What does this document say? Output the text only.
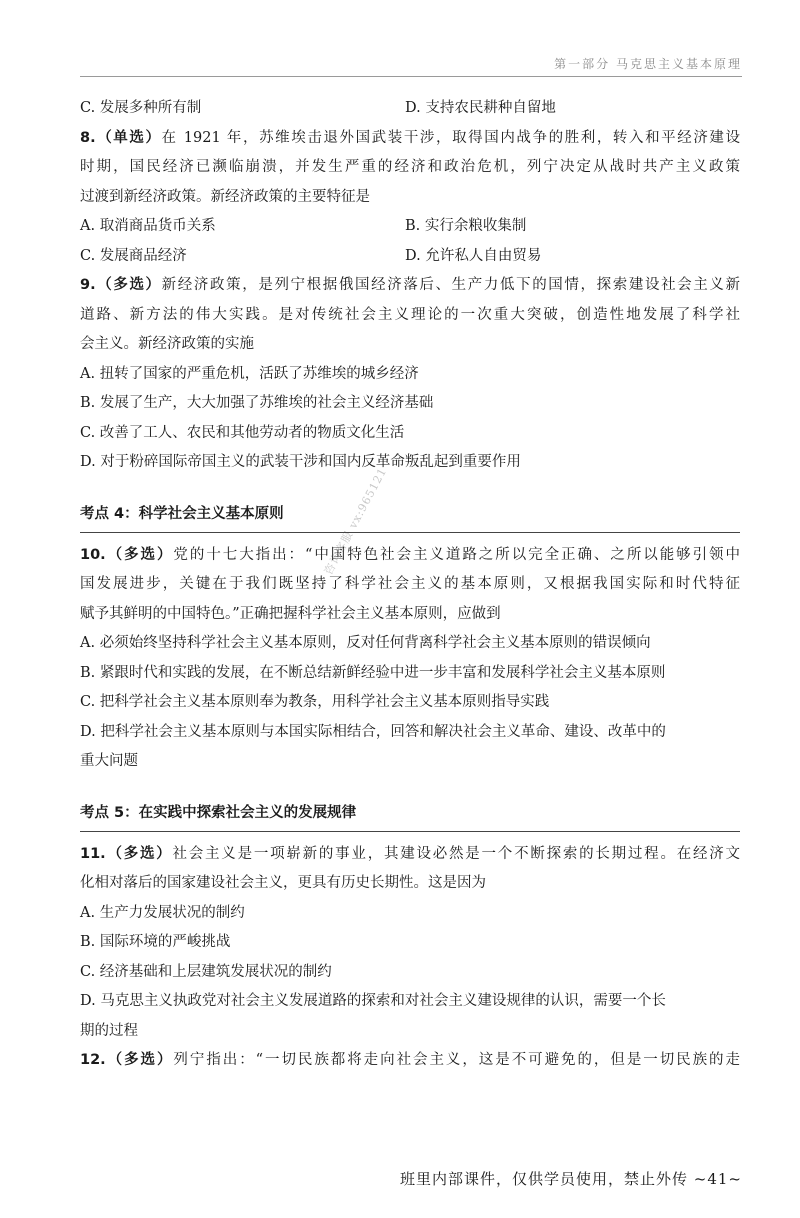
第一部分 马克思主义基本原理
咨询客服 vx:965121
C. 发展多种所有制	D. 支持农民耕种自留地
8.（单选）在 1921 年，苏维埃击退外国武装干涉，取得国内战争的胜利，转入和平经济建设
时期，国民经济已濒临崩溃，并发生严重的经济和政治危机，列宁决定从战时共产主义政策
过渡到新经济政策。新经济政策的主要特征是
A. 取消商品货币关系	B. 实行余粮收集制
C. 发展商品经济	D. 允许私人自由贸易
9.（多选）新经济政策，是列宁根据俄国经济落后、生产力低下的国情，探索建设社会主义新
道路、新方法的伟大实践。是对传统社会主义理论的一次重大突破，创造性地发展了科学社
会主义。新经济政策的实施
A. 扭转了国家的严重危机，活跃了苏维埃的城乡经济
B. 发展了生产，大大加强了苏维埃的社会主义经济基础
C. 改善了工人、农民和其他劳动者的物质文化生活
D. 对于粉碎国际帝国主义的武装干涉和国内反革命叛乱起到重要作用
考点 4：科学社会主义基本原则
10.（多选）党的十七大指出：“中国特色社会主义道路之所以完全正确、之所以能够引领中
国发展进步，关键在于我们既坚持了科学社会主义的基本原则，又根据我国实际和时代特征
赋予其鲜明的中国特色。”正确把握科学社会主义基本原则，应做到
A. 必须始终坚持科学社会主义基本原则，反对任何背离科学社会主义基本原则的错误倾向
B. 紧跟时代和实践的发展，在不断总结新鲜经验中进一步丰富和发展科学社会主义基本原则
C. 把科学社会主义基本原则奉为教条，用科学社会主义基本原则指导实践
D. 把科学社会主义基本原则与本国实际相结合，回答和解决社会主义革命、建设、改革中的
重大问题
考点 5：在实践中探索社会主义的发展规律
11.（多选）社会主义是一项崭新的事业，其建设必然是一个不断探索的长期过程。在经济文
化相对落后的国家建设社会主义，更具有历史长期性。这是因为
A. 生产力发展状况的制约
B. 国际环境的严峻挑战
C. 经济基础和上层建筑发展状况的制约
D. 马克思主义执政党对社会主义发展道路的探索和对社会主义建设规律的认识，需要一个长
期的过程
12.（多选）列宁指出：“一切民族都将走向社会主义，这是不可避免的，但是一切民族的走
班里内部课件，仅供学员使用，禁止外传 ~41~
